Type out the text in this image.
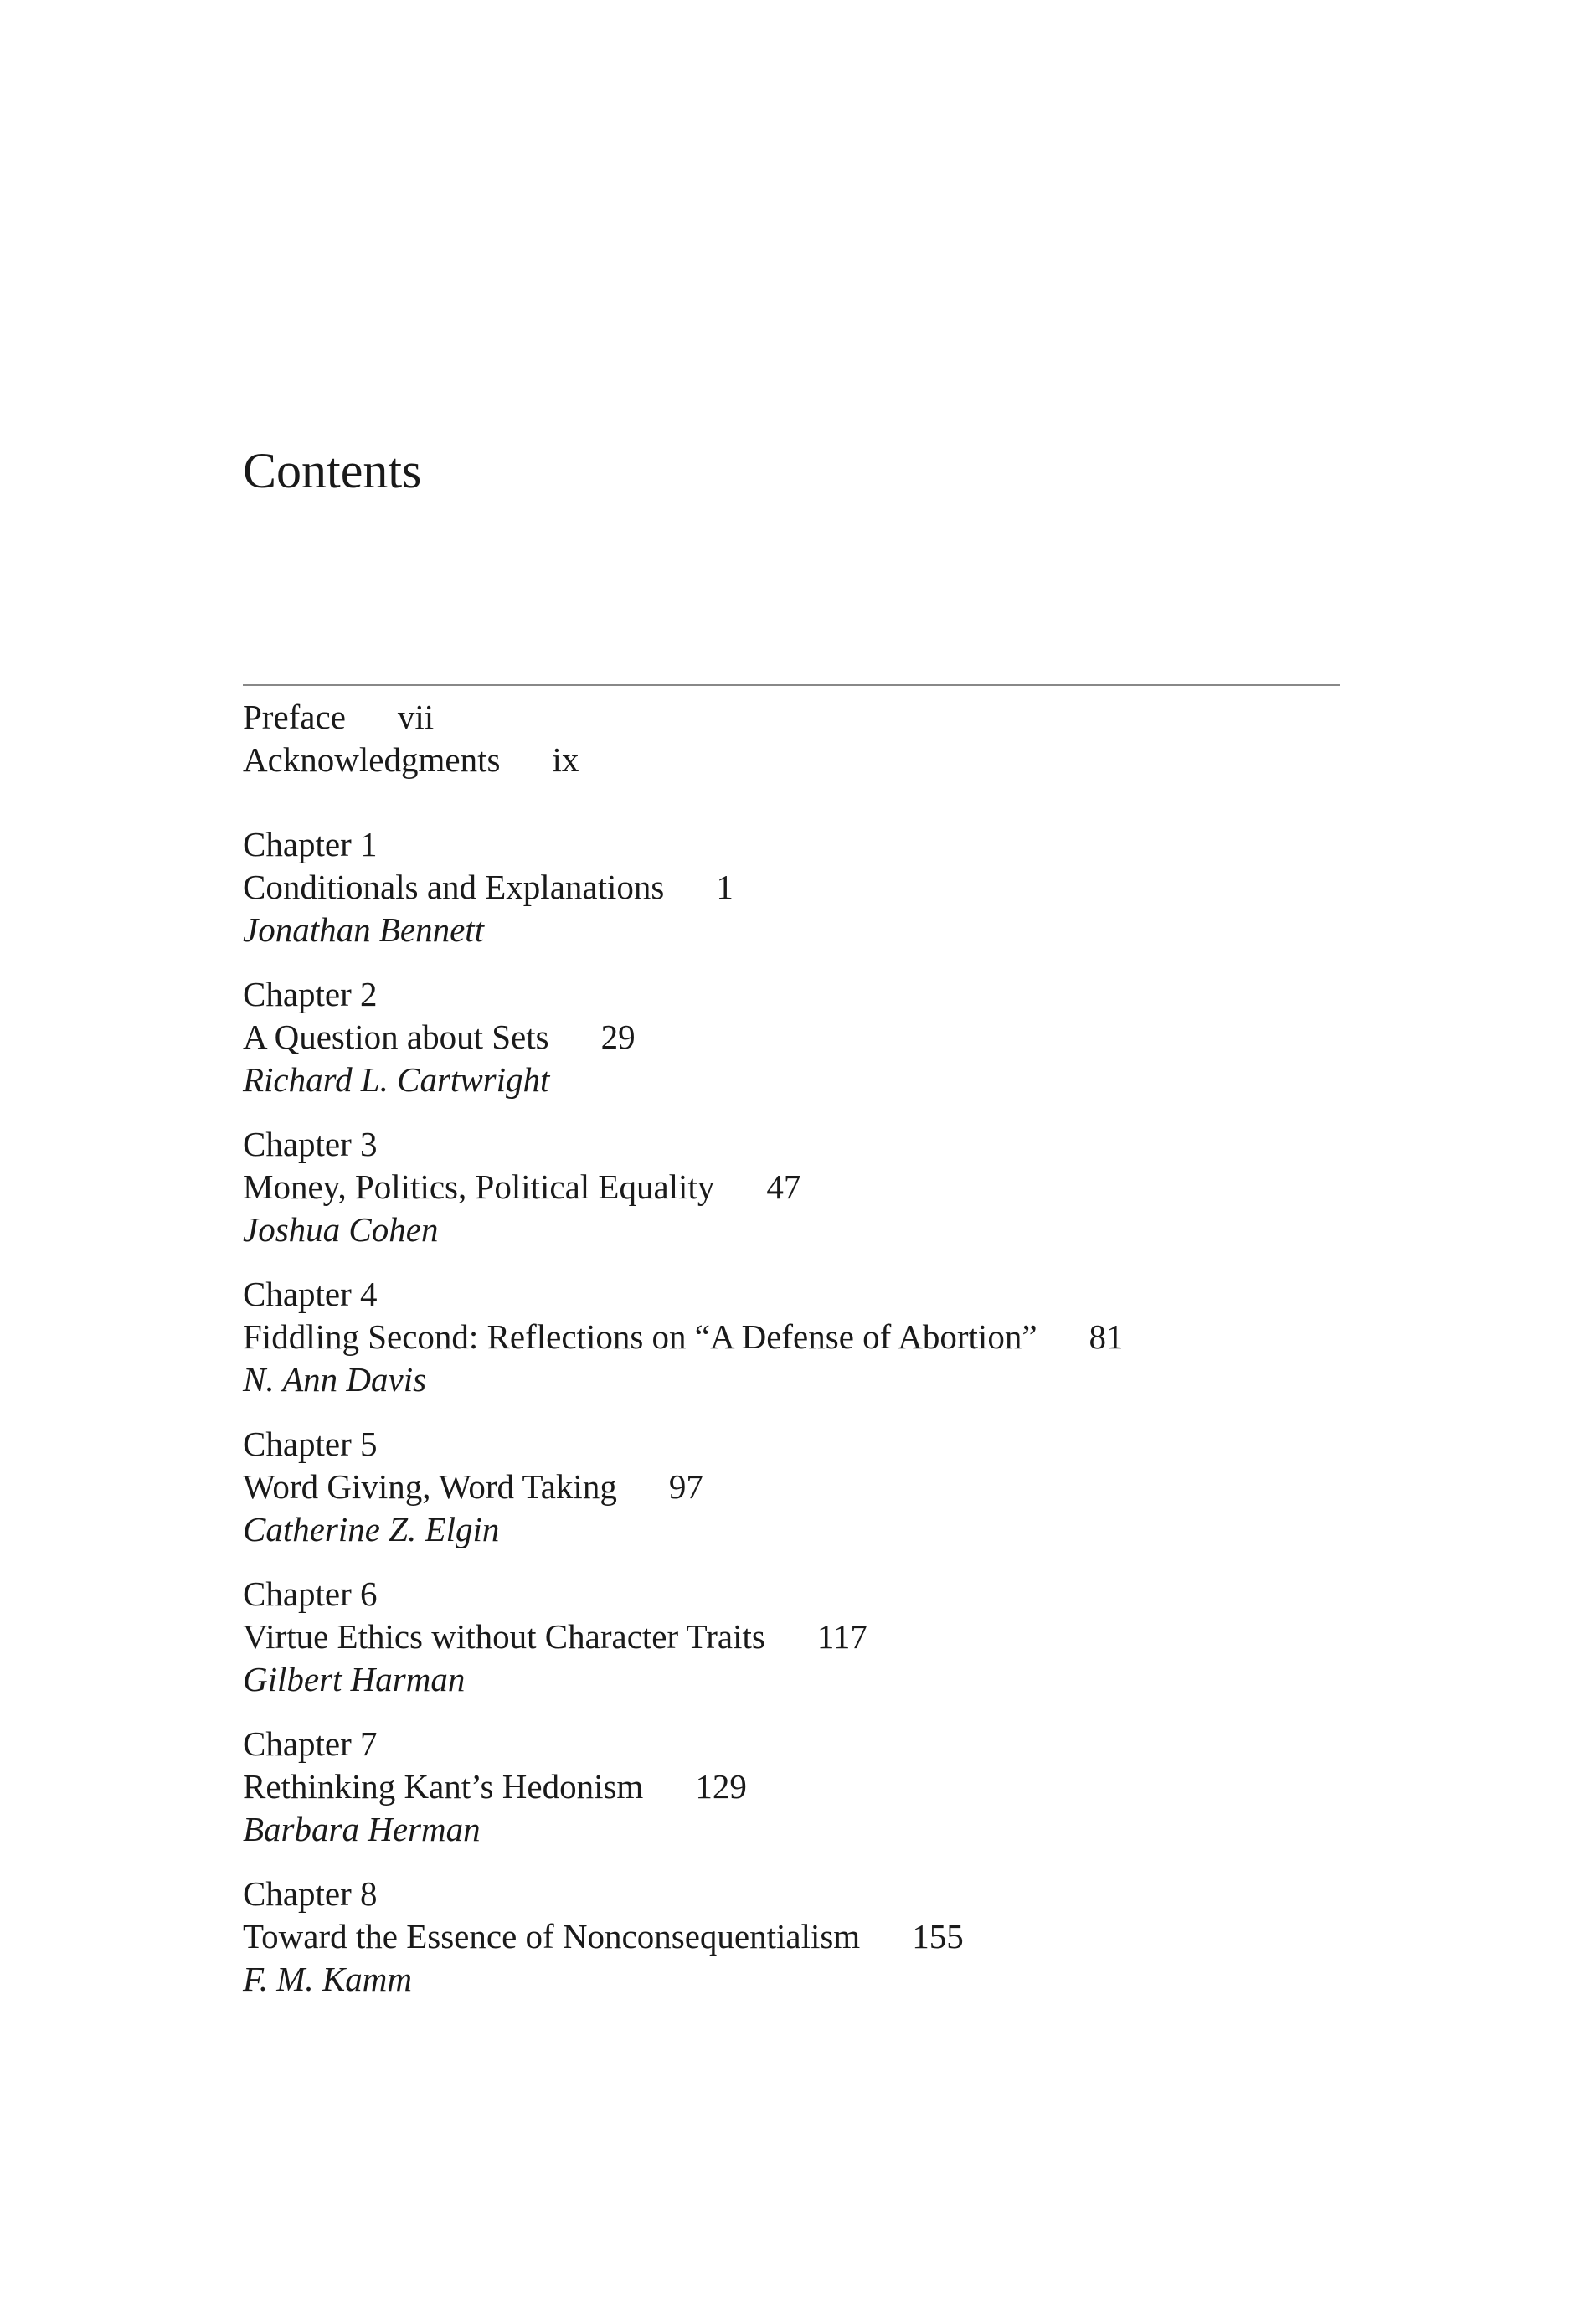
Contents
Preface vii
Acknowledgments ix
Chapter 1
Conditionals and Explanations 1
Jonathan Bennett
Chapter 2
A Question about Sets 29
Richard L. Cartwright
Chapter 3
Money, Politics, Political Equality 47
Joshua Cohen
Chapter 4
Fiddling Second: Reflections on “A Defense of Abortion” 81
N. Ann Davis
Chapter 5
Word Giving, Word Taking 97
Catherine Z. Elgin
Chapter 6
Virtue Ethics without Character Traits 117
Gilbert Harman
Chapter 7
Rethinking Kant’s Hedonism 129
Barbara Herman
Chapter 8
Toward the Essence of Nonconsequentialism 155
F. M. Kamm
